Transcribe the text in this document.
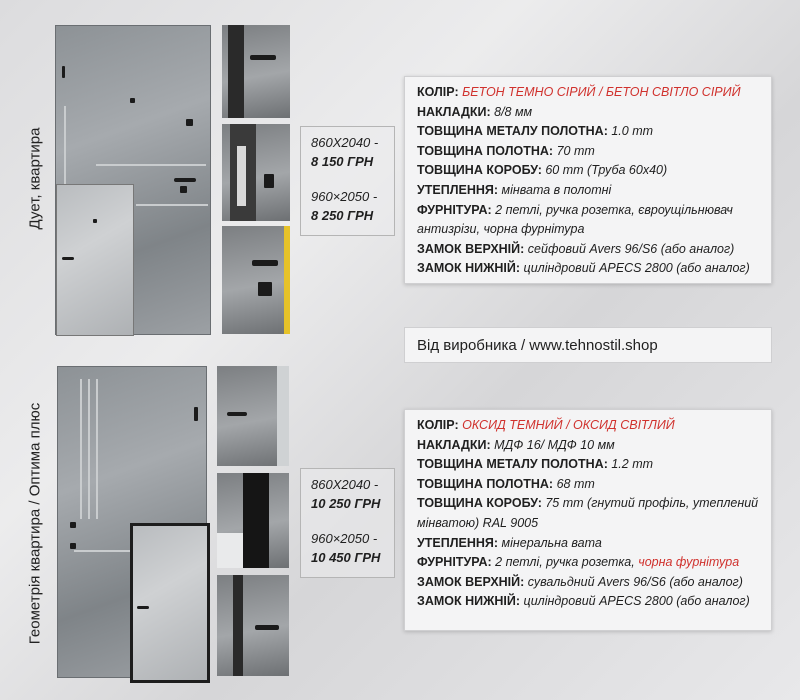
Дует, квартира	860Х2040 -
8 150 ГРН
960×2050 -
8 250 ГРН
КОЛІР: БЕТОН ТЕМНО СІРИЙ / БЕТОН СВІТЛО СІРИЙ
НАКЛАДКИ: 8/8 мм
ТОВЩИНА МЕТАЛУ ПОЛОТНА: 1.0 mm
ТОВЩИНА ПОЛОТНА: 70 mm
ТОВЩИНА КОРОБУ: 60 mm (Труба 60х40)
УТЕПЛЕННЯ: мінвата в полотні
ФУРНІТУРА: 2 петлі, ручка розетка, євроущільнювач антизрізи, чорна фурнітура
ЗАМОК ВЕРХНІЙ: сейфовий Avers 96/S6 (або аналог)
ЗАМОК НИЖНІЙ: циліндровий APECS 2800 (або аналог)
Від виробника / www.tehnostil.shop
Геометрія квартира / Оптима плюс	860Х2040 -
10 250 ГРН
960×2050 -
10 450 ГРН
КОЛІР: ОКСИД ТЕМНИЙ / ОКСИД СВІТЛИЙ
НАКЛАДКИ: МДФ 16/ МДФ 10 мм
ТОВЩИНА МЕТАЛУ ПОЛОТНА: 1.2 mm
ТОВЩИНА ПОЛОТНА: 68 mm
ТОВЩИНА КОРОБУ: 75 mm (гнутий профіль, утеплений мінватою) RAL 9005
УТЕПЛЕННЯ: мінеральна вата
ФУРНІТУРА: 2 петлі, ручка розетка, чорна фурнітура
ЗАМОК ВЕРХНІЙ: сувальдний Avers 96/S6 (або аналог)
ЗАМОК НИЖНІЙ: циліндровий APECS 2800 (або аналог)
